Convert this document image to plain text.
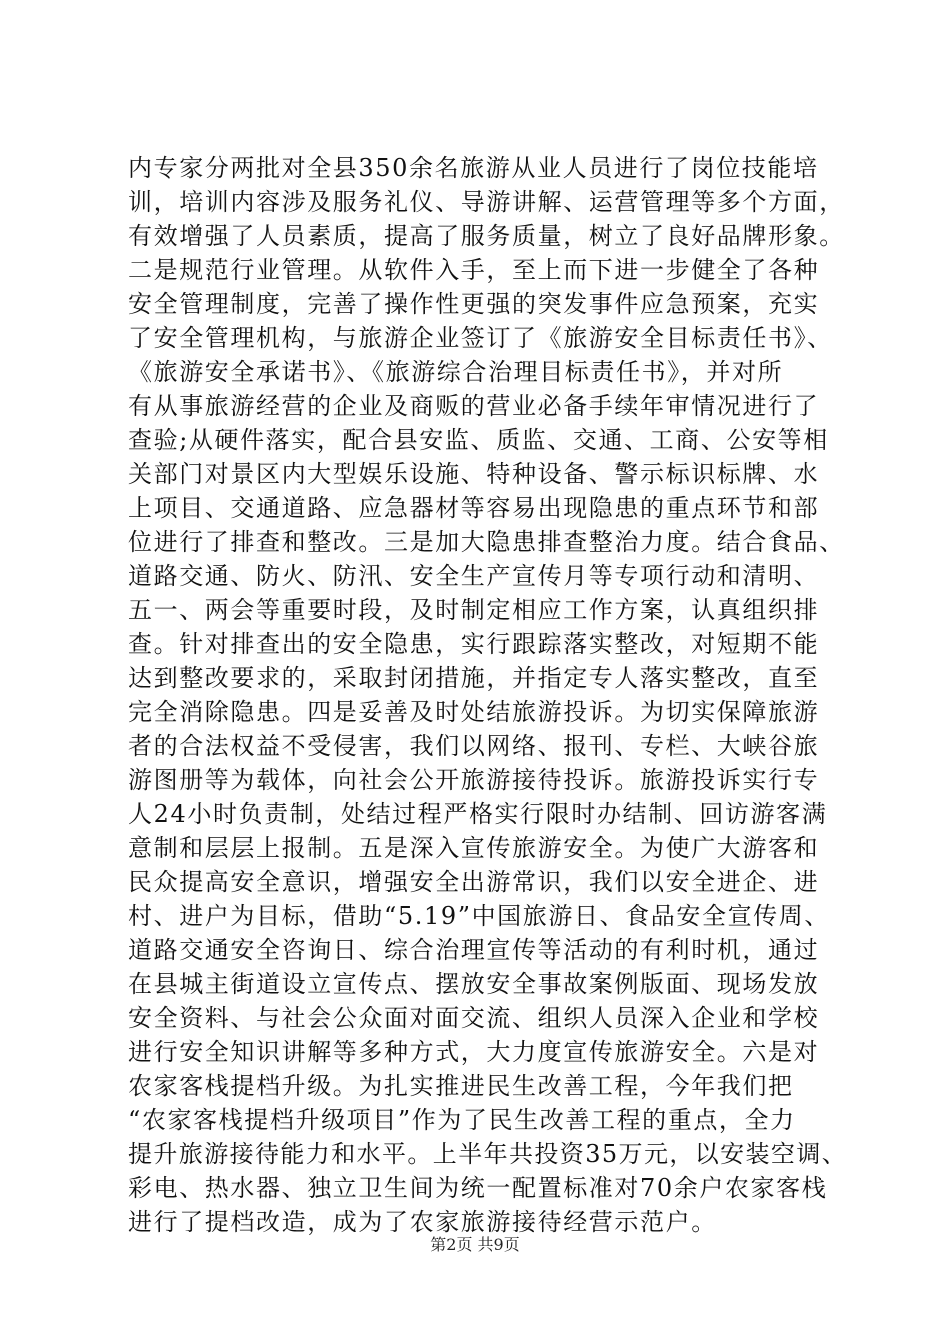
内专家分两批对全县350余名旅游从业人员进行了岗位技能培
训，培训内容涉及服务礼仪、导游讲解、运营管理等多个方面，
有效增强了人员素质，提高了服务质量，树立了良好品牌形象。
二是规范行业管理。从软件入手，至上而下进一步健全了各种
安全管理制度，完善了操作性更强的突发事件应急预案，充实
了安全管理机构，与旅游企业签订了《旅游安全目标责任书》、
《旅游安全承诺书》、《旅游综合治理目标责任书》，并对所
有从事旅游经营的企业及商贩的营业必备手续年审情况进行了
查验;从硬件落实，配合县安监、质监、交通、工商、公安等相
关部门对景区内大型娱乐设施、特种设备、警示标识标牌、水
上项目、交通道路、应急器材等容易出现隐患的重点环节和部
位进行了排查和整改。三是加大隐患排查整治力度。结合食品、
道路交通、防火、防汛、安全生产宣传月等专项行动和清明、
五一、两会等重要时段，及时制定相应工作方案，认真组织排
查。针对排查出的安全隐患，实行跟踪落实整改，对短期不能
达到整改要求的，采取封闭措施，并指定专人落实整改，直至
完全消除隐患。四是妥善及时处结旅游投诉。为切实保障旅游
者的合法权益不受侵害，我们以网络、报刊、专栏、大峡谷旅
游图册等为载体，向社会公开旅游接待投诉。旅游投诉实行专
人24小时负责制，处结过程严格实行限时办结制、回访游客满
意制和层层上报制。五是深入宣传旅游安全。为使广大游客和
民众提高安全意识，增强安全出游常识，我们以安全进企、进
村、进户为目标，借助“5.19”中国旅游日、食品安全宣传周、
道路交通安全咨询日、综合治理宣传等活动的有利时机，通过
在县城主街道设立宣传点、摆放安全事故案例版面、现场发放
安全资料、与社会公众面对面交流、组织人员深入企业和学校
进行安全知识讲解等多种方式，大力度宣传旅游安全。六是对
农家客栈提档升级。为扎实推进民生改善工程，今年我们把
“农家客栈提档升级项目”作为了民生改善工程的重点，全力
提升旅游接待能力和水平。上半年共投资35万元，以安装空调、
彩电、热水器、独立卫生间为统一配置标准对70余户农家客栈
进行了提档改造，成为了农家旅游接待经营示范户。
第2页 共9页
